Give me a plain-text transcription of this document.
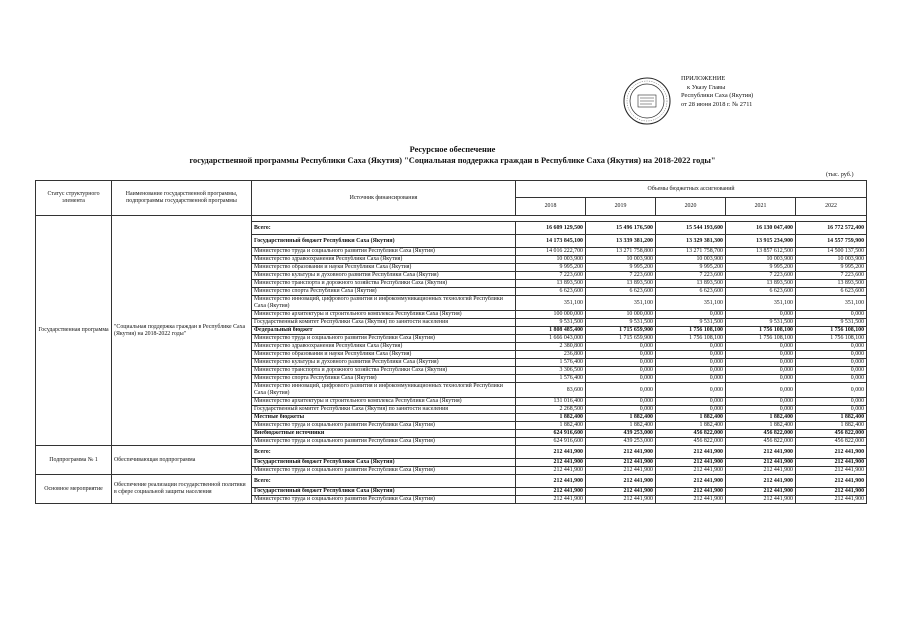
ПРИЛОЖЕНИЕ
к Указу Главы
Республики Саха (Якутия)
от 28 июня 2018 г. № 2711
Ресурсное обеспечение
государственной программы Республики Саха (Якутия) "Социальная поддержка граждан в Республике Саха (Якутия) на 2018-2022 годы"
(тыс. руб.)
Статус структурного элемента	Наименование государственной программы, подпрограммы государственной программы	Источник финансирования	Объемы бюджетных ассигнований				
			2018	2019	2020	2021	2022
Государственная программа	"Социальная поддержка граждан в Республике Саха (Якутия) на 2018-2022 годы"						
		Всего:	16 609 129,500	15 496 176,500	15 544 193,600	16 130 047,400	16 772 572,400
		Государственный бюджет Республики Саха (Якутия)	14 173 845,100	13 339 381,200	13 329 381,300	13 915 234,900	14 557 759,900
		Министерство труда и социального развития Республики Саха (Якутия)	14 016 222,700	13 271 758,800	13 271 758,700	13 857 612,500	14 500 137,500
		Министерство здравоохранения Республики Саха (Якутия)	10 003,900	10 003,900	10 003,900	10 003,900	10 003,900
		Министерство образования и науки Республики Саха (Якутия)	9 995,200	9 995,200	9 995,200	9 995,200	9 995,200
		Министерство культуры и духовного развития Республики Саха (Якутия)	7 223,600	7 223,600	7 223,600	7 223,600	7 223,600
		Министерство транспорта и дорожного хозяйства Республики Саха (Якутия)	13 893,500	13 893,500	13 893,500	13 893,500	13 893,500
		Министерство спорта Республики Саха (Якутия)	6 623,600	6 623,600	6 623,600	6 623,600	6 623,600
		Министерство инноваций, цифрового развития и инфокоммуникационных технологий Республики Саха (Якутия)	351,100	351,100	351,100	351,100	351,100
		Министерство архитектуры и строительного комплекса Республики Саха (Якутия)	100 000,000	10 000,000	0,000	0,000	0,000
		Государственный комитет Республики Саха (Якутия) по занятости населения	9 531,500	9 531,500	9 531,500	9 531,500	9 531,500
		Федеральный бюджет	1 808 485,400	1 715 659,900	1 756 108,100	1 756 108,100	1 756 108,100
		Министерство труда и социального развития Республики Саха (Якутия)	1 666 043,000	1 715 659,900	1 756 108,100	1 756 108,100	1 756 108,100
		Министерство здравоохранения Республики Саха (Якутия)	2 380,800	0,000	0,000	0,000	0,000
		Министерство образования и науки Республики Саха (Якутия)	236,800	0,000	0,000	0,000	0,000
		Министерство культуры и духовного развития Республики Саха (Якутия)	1 576,400	0,000	0,000	0,000	0,000
		Министерство транспорта и дорожного хозяйства Республики Саха (Якутия)	3 306,500	0,000	0,000	0,000	0,000
		Министерство спорта Республики Саха (Якутия)	1 576,400	0,000	0,000	0,000	0,000
		Министерство инноваций, цифрового развития и инфокоммуникационных технологий Республики Саха (Якутия)	83,600	0,000	0,000	0,000	0,000
		Министерство архитектуры и строительного комплекса Республики Саха (Якутия)	131 016,400	0,000	0,000	0,000	0,000
		Государственный комитет Республики Саха (Якутия) по занятости населения	2 268,500	0,000	0,000	0,000	0,000
		Местные бюджеты	1 882,400	1 882,400	1 882,400	1 882,400	1 882,400
		Министерство труда и социального развития Республики Саха (Якутия)	1 882,400	1 882,400	1 882,400	1 882,400	1 882,400
		Внебюджетные источники	624 916,600	439 253,000	456 822,000	456 822,000	456 822,000
		Министерство труда и социального развития Республики Саха (Якутия)	624 916,600	439 253,000	456 822,000	456 822,000	456 822,000
Подпрограмма № 1	Обеспечивающая подпрограмма	Всего:	212 441,900	212 441,900	212 441,900	212 441,900	212 441,900
		Государственный бюджет Республики Саха (Якутия)	212 441,900	212 441,900	212 441,900	212 441,900	212 441,900
		Министерство труда и социального развития Республики Саха (Якутия)	212 441,900	212 441,900	212 441,900	212 441,900	212 441,900
Основное мероприятие	Обеспечение реализации государственной политики в сфере социальной защиты населения	Всего:	212 441,900	212 441,900	212 441,900	212 441,900	212 441,900
		Государственный бюджет Республики Саха (Якутия)	212 441,900	212 441,900	212 441,900	212 441,900	212 441,900
		Министерство труда и социального развития Республики Саха (Якутия)	212 441,900	212 441,900	212 441,900	212 441,900	212 441,900
